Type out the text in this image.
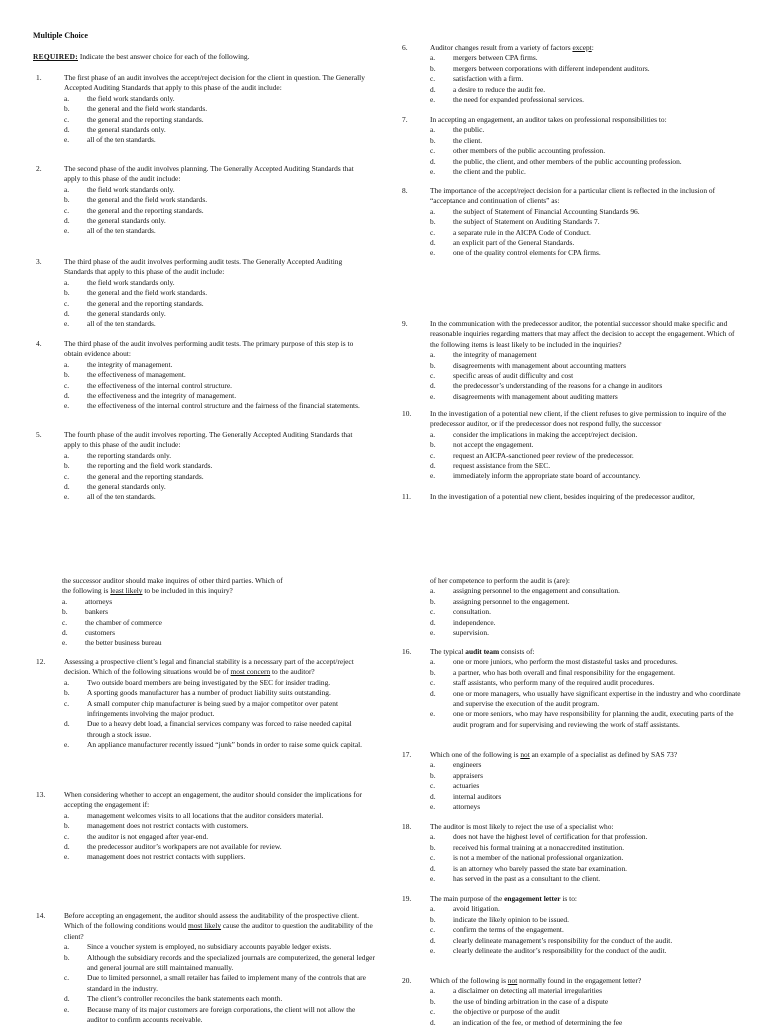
Multiple Choice
REQUIRED: Indicate the best answer choice for each of the following.
1.	The first phase of an audit involves the accept/reject decision for the client in question. The Generally Accepted Auditing Standards that apply to this phase of the audit include:
a. the field work standards only.
b. the general and the field work standards.
c. the general and the reporting standards.
d. the general standards only.
e. all of the ten standards.
2.	The second phase of the audit involves planning. The Generally Accepted Auditing Standards that apply to this phase of the audit include:
a. the field work standards only.
b. the general and the field work standards.
c. the general and the reporting standards.
d. the general standards only.
e. all of the ten standards.
3.	The third phase of the audit involves performing audit tests. The Generally Accepted Auditing Standards that apply to this phase of the audit include:
a. the field work standards only.
b. the general and the field work standards.
c. the general and the reporting standards.
d. the general standards only.
e. all of the ten standards.
4.	The third phase of the audit involves performing audit tests. The primary purpose of this step is to obtain evidence about:
a. the integrity of management.
b. the effectiveness of management.
c. the effectiveness of the internal control structure.
d. the effectiveness and the integrity of management.
e. the effectiveness of the internal control structure and the fairness of the financial statements.
5.	The fourth phase of the audit involves reporting. The Generally Accepted Auditing Standards that apply to this phase of the audit include:
a. the reporting standards only.
b. the reporting and the field work standards.
c. the general and the reporting standards.
d. the general standards only.
e. all of the ten standards.
6.	Auditor changes result from a variety of factors except:
a. mergers between CPA firms.
b. mergers between corporations with different independent auditors.
c. satisfaction with a firm.
d. a desire to reduce the audit fee.
e. the need for expanded professional services.
7.	In accepting an engagement, an auditor takes on professional responsibilities to:
a. the public.
b. the client.
c. other members of the public accounting profession.
d. the public, the client, and other members of the public accounting profession.
e. the client and the public.
8.	The importance of the accept/reject decision for a particular client is reflected in the inclusion of “acceptance and continuation of clients” as:
a. the subject of Statement of Financial Accounting Standards 96.
b. the subject of Statement on Auditing Standards 7.
c. a separate rule in the AICPA Code of Conduct.
d. an explicit part of the General Standards.
e. one of the quality control elements for CPA firms.
9.	In the communication with the predecessor auditor, the potential successor should make specific and reasonable inquiries regarding matters that may affect the decision to accept the engagement. Which of the following items is least likely to be included in the inquiries?
a. the integrity of management
b. disagreements with management about accounting matters
c. specific areas of audit difficulty and cost
d. the predecessor’s understanding of the reasons for a change in auditors
e. disagreements with management about auditing matters
10.	In the investigation of a potential new client, if the client refuses to give permission to inquire of the predecessor auditor, or if the predecessor does not respond fully, the successor
a. consider the implications in making the accept/reject decision.
b. not accept the engagement.
c. request an AICPA-sanctioned peer review of the predecessor.
d. request assistance from the SEC.
e. immediately inform the appropriate state board of accountancy.
11.	In the investigation of a potential new client, besides inquiring of the predecessor auditor,
the successor auditor should make inquires of other third parties. Which of
the following is least likely to be included in this inquiry?
a. attorneys
b. bankers
c. the chamber of commerce
d. customers
e. the better business bureau
12.	Assessing a prospective client’s legal and financial stability is a necessary part of the accept/reject decision. Which of the following situations would be of most concern to the auditor?
a. Two outside board members are being investigated by the SEC for insider trading.
b. A sporting goods manufacturer has a number of product liability suits outstanding.
c. A small computer chip manufacturer is being sued by a major competitor over patent infringements involving the major product.
d. Due to a heavy debt load, a financial services company was forced to raise needed capital through a stock issue.
e. An appliance manufacturer recently issued “junk” bonds in order to raise some quick capital.
13.	When considering whether to accept an engagement, the auditor should consider the implications for accepting the engagement if:
a. management welcomes visits to all locations that the auditor considers material.
b. management does not restrict contacts with customers.
c. the auditor is not engaged after year-end.
d. the predecessor auditor’s workpapers are not available for review.
e. management does not restrict contacts with suppliers.
14.	Before accepting an engagement, the auditor should assess the auditability of the prospective client. Which of the following conditions would most likely cause the auditor to question the auditability of the client?
a. Since a voucher system is employed, no subsidiary accounts payable ledger exists.
b. Although the subsidiary records and the specialized journals are computerized, the general ledger and general journal are still maintained manually.
c. Due to limited personnel, a small retailer has failed to implement many of the controls that are standard in the industry.
d. The client’s controller reconciles the bank statements each month.
e. Because many of its major customers are foreign corporations, the client will not allow the auditor to confirm accounts receivable.
of her competence to perform the audit is (are):
a. assigning personnel to the engagement and consultation.
b. assigning personnel to the engagement.
c. consultation.
d. independence.
e. supervision.
16.	The typical audit team consists of:
a. one or more juniors, who perform the most distasteful tasks and procedures.
b. a partner, who has both overall and final responsibility for the engagement.
c. staff assistants, who perform many of the required audit procedures.
d. one or more managers, who usually have significant expertise in the industry and who coordinate and supervise the execution of the audit program.
e. one or more seniors, who may have responsibility for planning the audit, executing parts of the audit program and for supervising and reviewing the work of staff assistants.
17.	Which one of the following is not an example of a specialist as defined by SAS 73?
a. engineers
b. appraisers
c. actuaries
d. internal auditors
e. attorneys
18.	The auditor is most likely to reject the use of a specialist who:
a. does not have the highest level of certification for that profession.
b. received his formal training at a nonaccredited institution.
c. is not a member of the national professional organization.
d. is an attorney who barely passed the state bar examination.
e. has served in the past as a consultant to the client.
19.	The main purpose of the engagement letter is to:
a. avoid litigation.
b. indicate the likely opinion to be issued.
c. confirm the terms of the engagement.
d. clearly delineate management’s responsibility for the conduct of the audit.
e. clearly delineate the auditor’s responsibility for the conduct of the audit.
20.	Which of the following is not normally found in the engagement letter?
a. a disclaimer on detecting all material irregularities
b. the use of binding arbitration in the case of a dispute
c. the objective or purpose of the audit
d. an indication of the fee, or method of determining the fee
